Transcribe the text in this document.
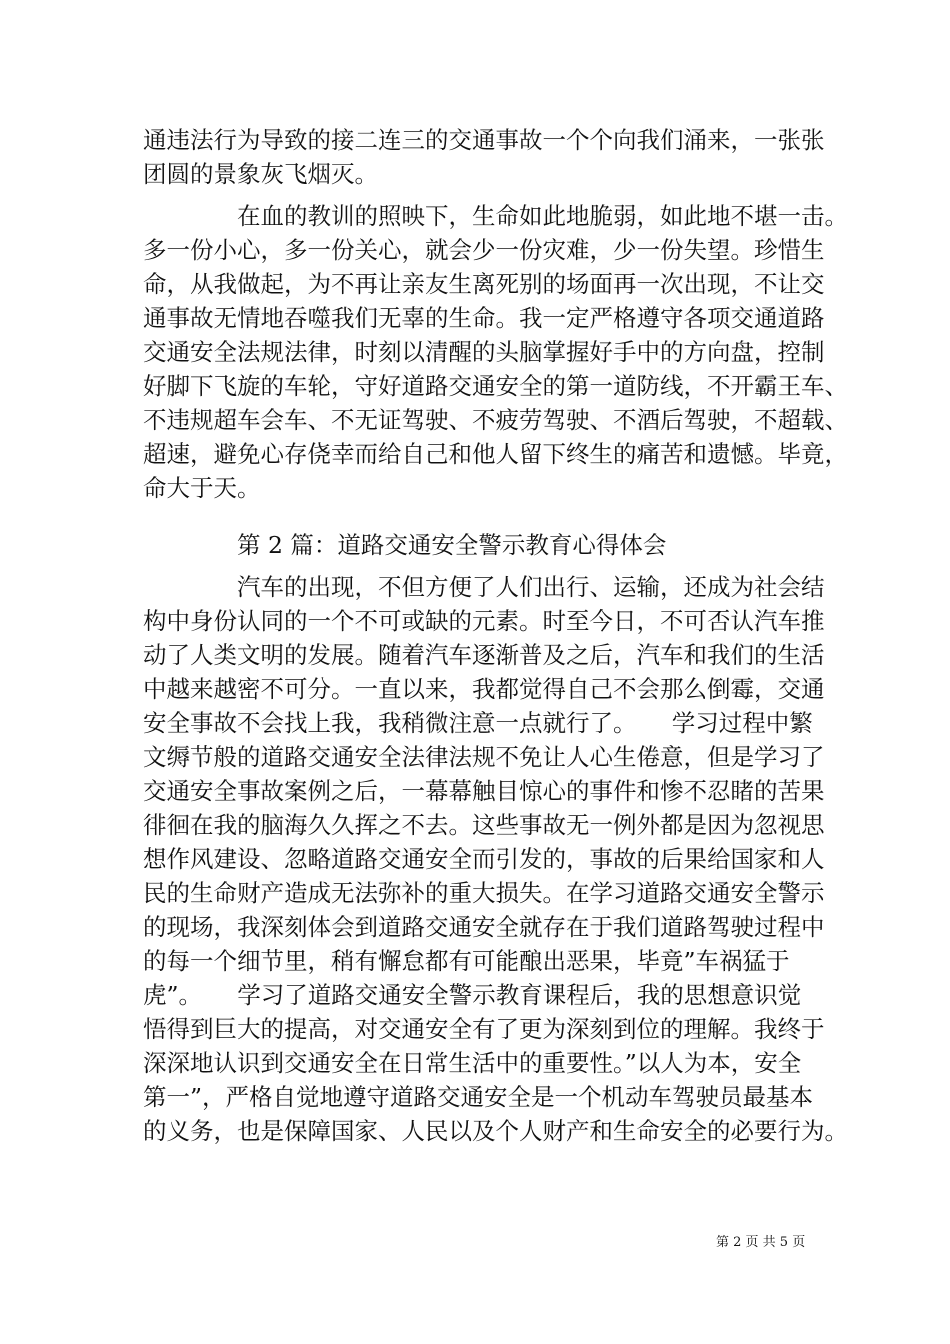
通违法行为导致的接二连三的交通事故一个个向我们涌来，一张张
团圆的景象灰飞烟灭。
　　　　在血的教训的照映下，生命如此地脆弱，如此地不堪一击。
多一份小心，多一份关心，就会少一份灾难，少一份失望。珍惜生
命，从我做起，为不再让亲友生离死别的场面再一次出现，不让交
通事故无情地吞噬我们无辜的生命。我一定严格遵守各项交通道路
交通安全法规法律，时刻以清醒的头脑掌握好手中的方向盘，控制
好脚下飞旋的车轮，守好道路交通安全的第一道防线，不开霸王车、
不违规超车会车、不无证驾驶、不疲劳驾驶、不酒后驾驶，不超载、
超速，避免心存侥幸而给自己和他人留下终生的痛苦和遗憾。毕竟，
命大于天。
　　　　第 2 篇：道路交通安全警示教育心得体会
　　　　汽车的出现，不但方便了人们出行、运输，还成为社会结
构中身份认同的一个不可或缺的元素。时至今日，不可否认汽车推
动了人类文明的发展。随着汽车逐渐普及之后，汽车和我们的生活
中越来越密不可分。一直以来，我都觉得自己不会那么倒霉，交通
安全事故不会找上我，我稍微注意一点就行了。　　学习过程中繁
文缛节般的道路交通安全法律法规不免让人心生倦意，但是学习了
交通安全事故案例之后，一幕幕触目惊心的事件和惨不忍睹的苦果
徘徊在我的脑海久久挥之不去。这些事故无一例外都是因为忽视思
想作风建设、忽略道路交通安全而引发的，事故的后果给国家和人
民的生命财产造成无法弥补的重大损失。在学习道路交通安全警示
的现场，我深刻体会到道路交通安全就存在于我们道路驾驶过程中
的每一个细节里，稍有懈怠都有可能酿出恶果，毕竟”车祸猛于
虎”。　　学习了道路交通安全警示教育课程后，我的思想意识觉
悟得到巨大的提高，对交通安全有了更为深刻到位的理解。我终于
深深地认识到交通安全在日常生活中的重要性。”以人为本，安全
第一”，严格自觉地遵守道路交通安全是一个机动车驾驶员最基本
的义务，也是保障国家、人民以及个人财产和生命安全的必要行为。
第 2 页 共 5 页
